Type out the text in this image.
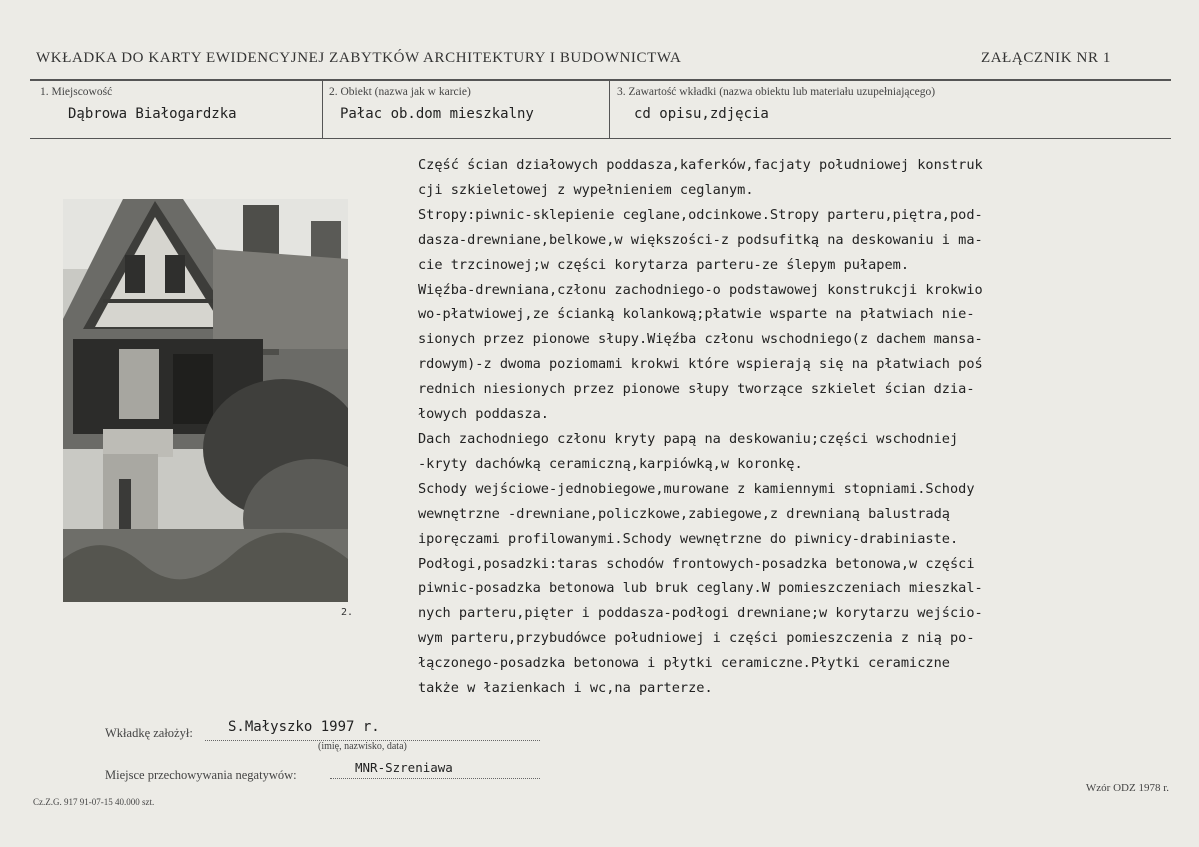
WKŁADKA DO KARTY EWIDENCYJNEJ ZABYTKÓW ARCHITEKTURY I BUDOWNICTWA	ZAŁĄCZNIK NR 1
1. Miejscowość
Dąbrowa Białogardzka
2. Obiekt (nazwa jak w karcie)
Pałac ob.dom mieszkalny
3. Zawartość wkładki (nazwa obiektu lub materiału uzupełniającego)
cd opisu,zdjęcia
2.
Część ścian działowych poddasza,kaferków,facjaty południowej konstruk
cji szkieletowej z wypełnieniem ceglanym.
Stropy:piwnic-sklepienie ceglane,odcinkowe.Stropy parteru,piętra,pod-
dasza-drewniane,belkowe,w większości-z podsufitką na deskowaniu i ma-
cie trzcinowej;w części korytarza parteru-ze ślepym pułapem.
Więźba-drewniana,członu zachodniego-o podstawowej konstrukcji krokwio
wo-płatwiowej,ze ścianką kolankową;płatwie wsparte na płatwiach nie-
sionych przez pionowe słupy.Więźba członu wschodniego(z dachem mansa-
rdowym)-z dwoma poziomami krokwi które wspierają się na płatwiach poś
rednich niesionych przez pionowe słupy tworzące szkielet ścian dzia-
łowych poddasza.
Dach zachodniego członu kryty papą na deskowaniu;części wschodniej
-kryty dachówką ceramiczną,karpiówką,w koronkę.
Schody wejściowe-jednobiegowe,murowane z kamiennymi stopniami.Schody
wewnętrzne -drewniane,policzkowe,zabiegowe,z drewnianą balustradą
iporęczami profilowanymi.Schody wewnętrzne do piwnicy-drabiniaste.
Podłogi,posadzki:taras schodów frontowych-posadzka betonowa,w części
piwnic-posadzka betonowa lub bruk ceglany.W pomieszczeniach mieszkal-
nych parteru,pięter i poddasza-podłogi drewniane;w korytarzu wejścio-
wym parteru,przybudówce południowej i części pomieszczenia z nią po-
łączonego-posadzka betonowa i płytki ceramiczne.Płytki ceramiczne
także w łazienkach i wc,na parterze.
Wkładkę założył:	S.Małyszko 1997 r.
(imię, nazwisko, data)
Miejsce przechowywania negatywów:	MNR-Szreniawa
Cz.Z.G. 917 91-07-15 40.000 szt.
Wzór ODZ 1978 r.
